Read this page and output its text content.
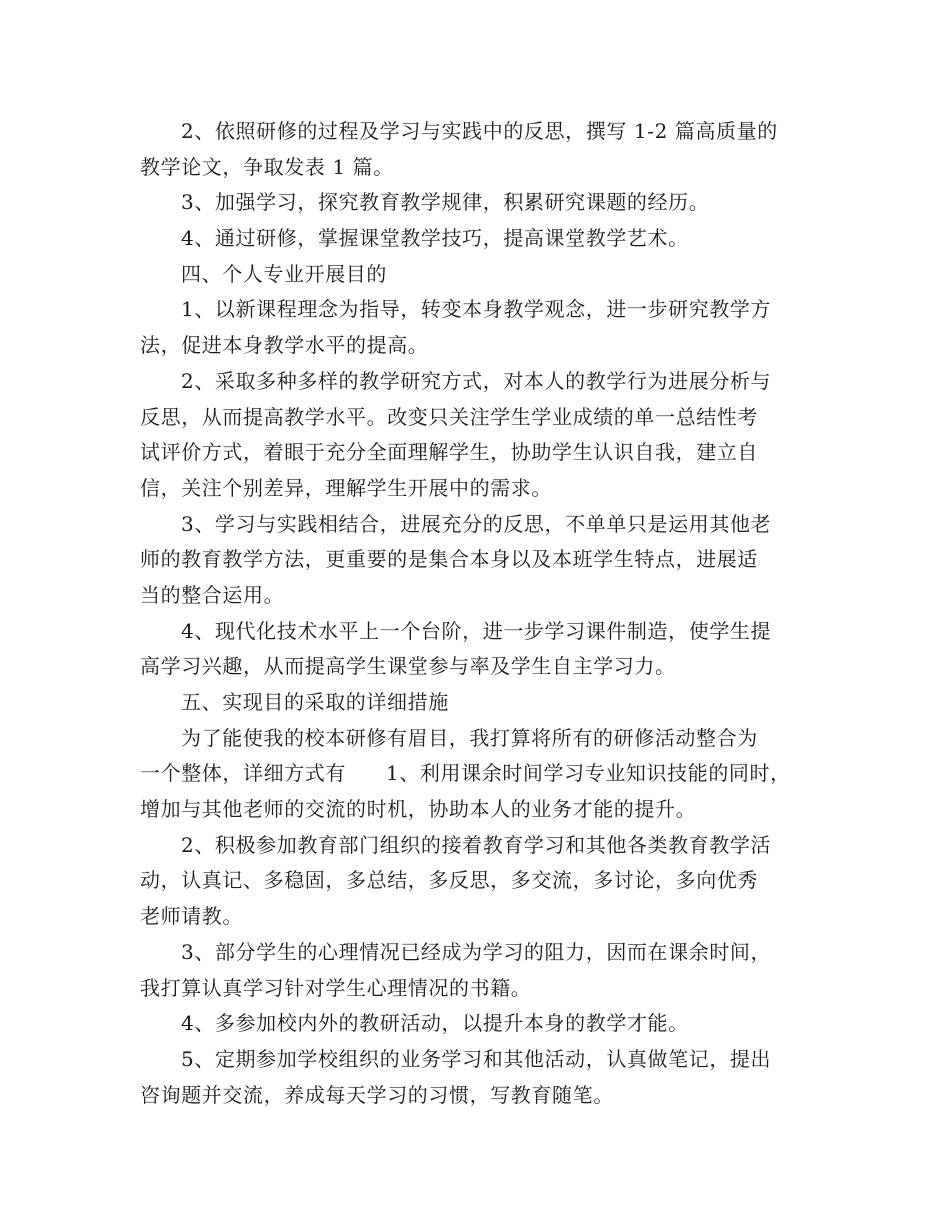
2、依照研修的过程及学习与实践中的反思，撰写 1-2 篇高质量的
教学论文，争取发表 1 篇。
3、加强学习，探究教育教学规律，积累研究课题的经历。
4、通过研修，掌握课堂教学技巧，提高课堂教学艺术。
四、个人专业开展目的
1、以新课程理念为指导，转变本身教学观念，进一步研究教学方
法，促进本身教学水平的提高。
2、采取多种多样的教学研究方式，对本人的教学行为进展分析与
反思，从而提高教学水平。改变只关注学生学业成绩的单一总结性考
试评价方式，着眼于充分全面理解学生，协助学生认识自我，建立自
信，关注个别差异，理解学生开展中的需求。
3、学习与实践相结合，进展充分的反思，不单单只是运用其他老
师的教育教学方法，更重要的是集合本身以及本班学生特点，进展适
当的整合运用。
4、现代化技术水平上一个台阶，进一步学习课件制造，使学生提
高学习兴趣，从而提高学生课堂参与率及学生自主学习力。
五、实现目的采取的详细措施
为了能使我的校本研修有眉目，我打算将所有的研修活动整合为
一个整体，详细方式有 1、利用课余时间学习专业知识技能的同时，
增加与其他老师的交流的时机，协助本人的业务才能的提升。
2、积极参加教育部门组织的接着教育学习和其他各类教育教学活
动，认真记、多稳固，多总结，多反思，多交流，多讨论，多向优秀
老师请教。
3、部分学生的心理情况已经成为学习的阻力，因而在课余时间，
我打算认真学习针对学生心理情况的书籍。
4、多参加校内外的教研活动，以提升本身的教学才能。
5、定期参加学校组织的业务学习和其他活动，认真做笔记，提出
咨询题并交流，养成每天学习的习惯，写教育随笔。
